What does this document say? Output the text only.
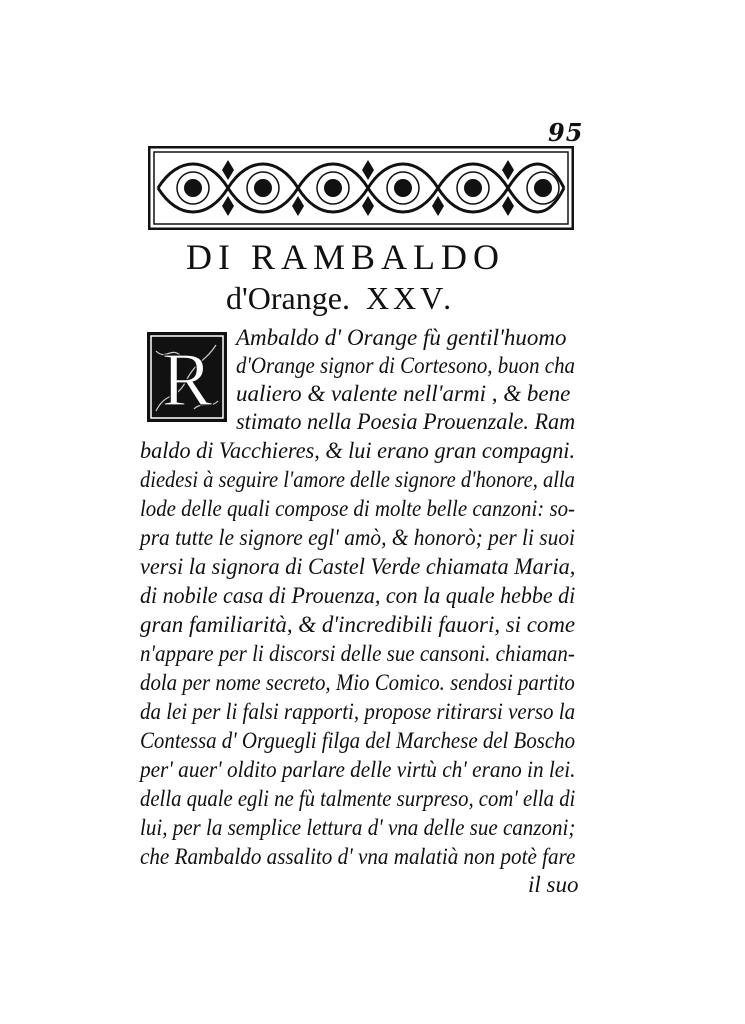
95
DI RAMBALDO
d'Orange. XXV.
R
Ambaldo d' Orange fù gentil'huomo
d'Orange signor di Cortesono, buon cha
ualiero & valente nell'armi , & bene
stimato nella Poesia Prouenzale. Ram
baldo di Vacchieres, & lui erano gran compagni.
diedesi à seguire l'amore delle signore d'honore, alla
lode delle quali compose di molte belle canzoni: so-
pra tutte le signore egl' amò, & honorò; per li suoi
versi la signora di Castel Verde chiamata Maria,
di nobile casa di Prouenza, con la quale hebbe di
gran familiarità, & d'incredibili fauori, si come
n'appare per li discorsi delle sue cansoni. chiaman-
dola per nome secreto, Mio Comico. sendosi partito
da lei per li falsi rapporti, propose ritirarsi verso la
Contessa d' Orguegli filga del Marchese del Boscho
per' auer' oldito parlare delle virtù ch' erano in lei.
della quale egli ne fù talmente surpreso, com' ella di
lui, per la semplice lettura d' vna delle sue canzoni;
che Rambaldo assalito d' vna malatià non potè fare
il suo
